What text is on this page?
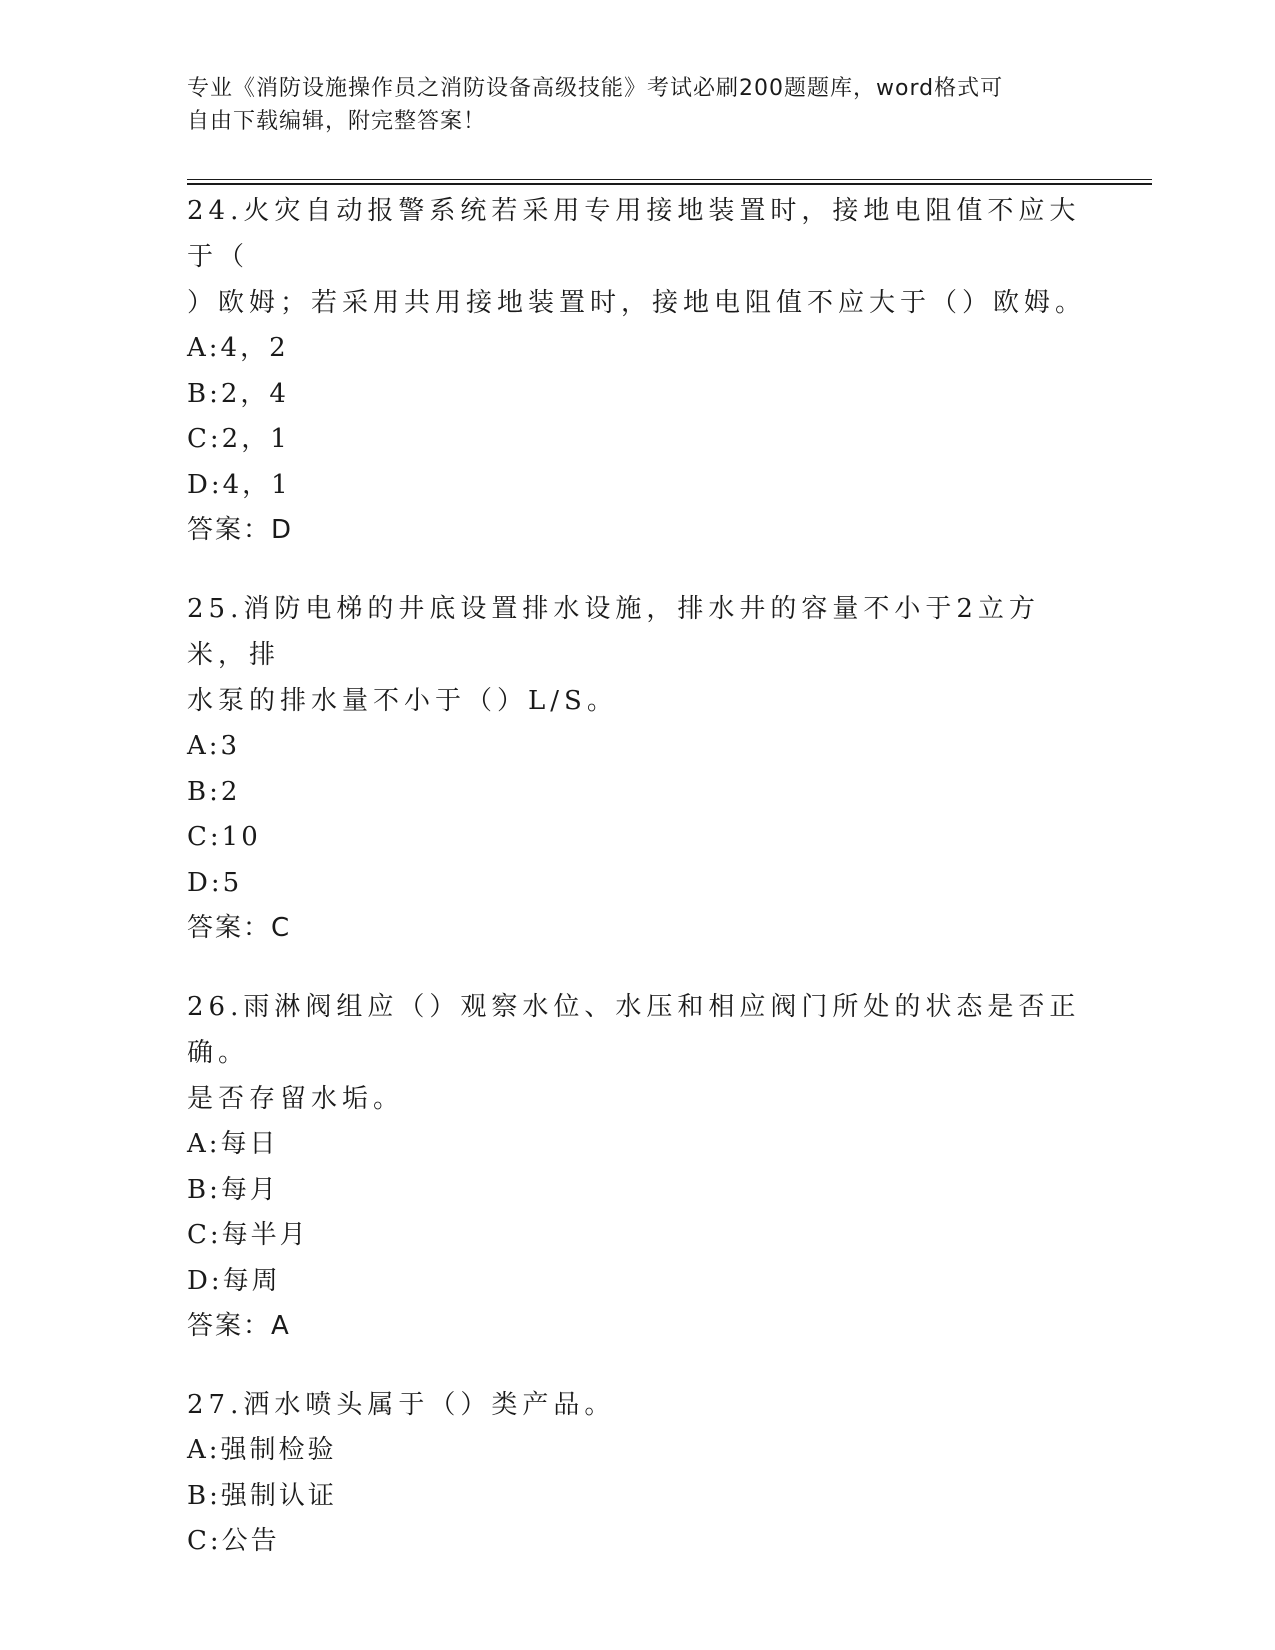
专业《消防设施操作员之消防设备高级技能》考试必刷200题题库，word格式可
自由下载编辑，附完整答案！

24.火灾自动报警系统若采用专用接地装置时，接地电阻值不应大于（

）欧姆；若采用共用接地装置时，接地电阻值不应大于（）欧姆。

A:4，2

B:2，4

C:2，1

D:4，1

答案：D

25.消防电梯的井底设置排水设施，排水井的容量不小于2立方米，排

水泵的排水量不小于（）L/S。

A:3

B:2

C:10

D:5

答案：C

26.雨淋阀组应（）观察水位、水压和相应阀门所处的状态是否正确。

是否存留水垢。

A:每日

B:每月

C:每半月

D:每周

答案：A

27.洒水喷头属于（）类产品。

A:强制检验

B:强制认证

C:公告
